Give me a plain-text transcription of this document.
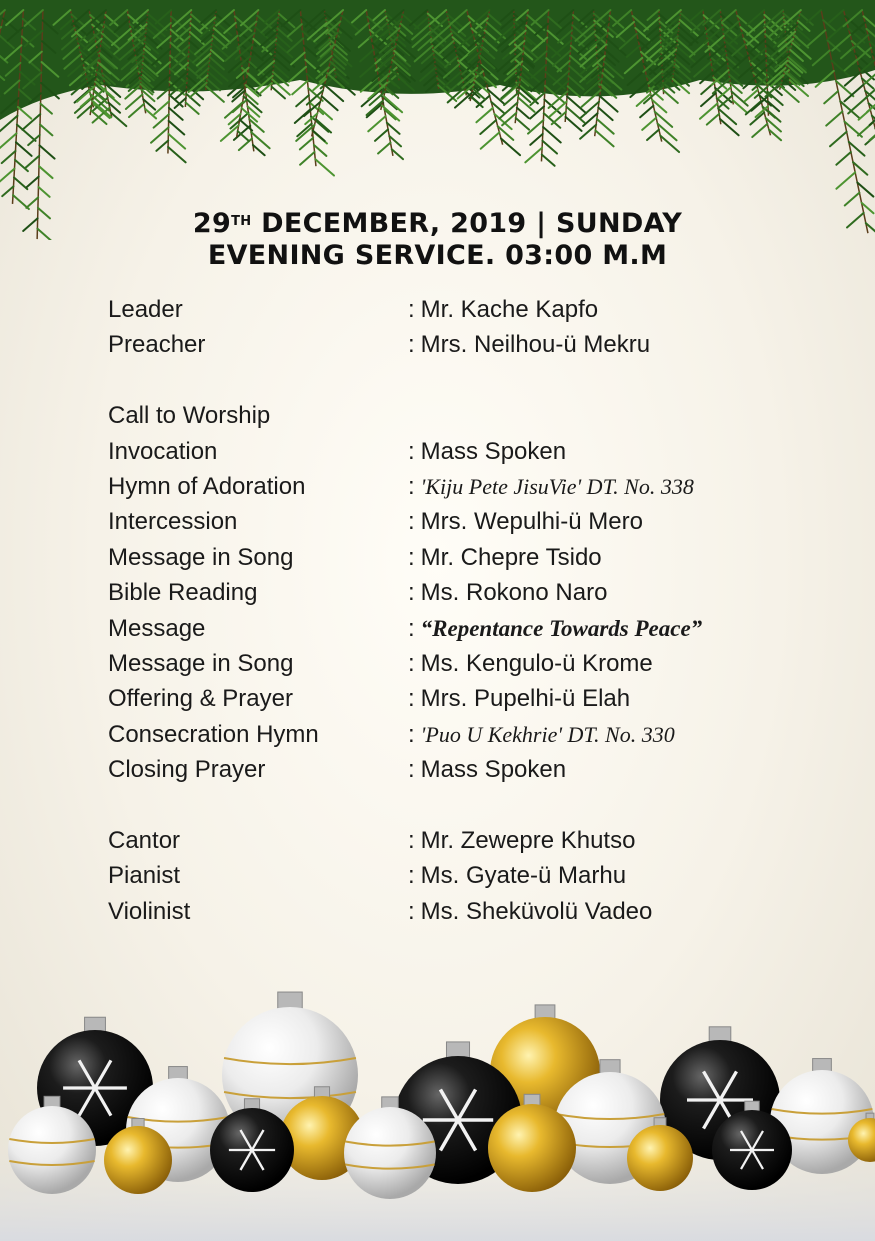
29TH DECEMBER, 2019 | SUNDAY
EVENING SERVICE. 03:00 M.M
Leader	: Mr. Kache Kapfo
Preacher	: Mrs. Neilhou-ü Mekru
Call to Worship
Invocation	: Mass Spoken
Hymn of Adoration	: 'Kiju Pete JisuVie' DT. No. 338
Intercession	: Mrs. Wepulhi-ü Mero
Message in Song	: Mr. Chepre Tsido
Bible Reading	: Ms. Rokono Naro
Message	: “Repentance Towards Peace”
Message in Song	: Ms. Kengulo-ü Krome
Offering & Prayer	: Mrs. Pupelhi-ü Elah
Consecration Hymn	: 'Puo U Kekhrie' DT. No. 330
Closing Prayer	: Mass Spoken
Cantor	: Mr. Zewepre Khutso
Pianist	: Ms. Gyate-ü Marhu
Violinist	: Ms. Sheküvolü Vadeo
